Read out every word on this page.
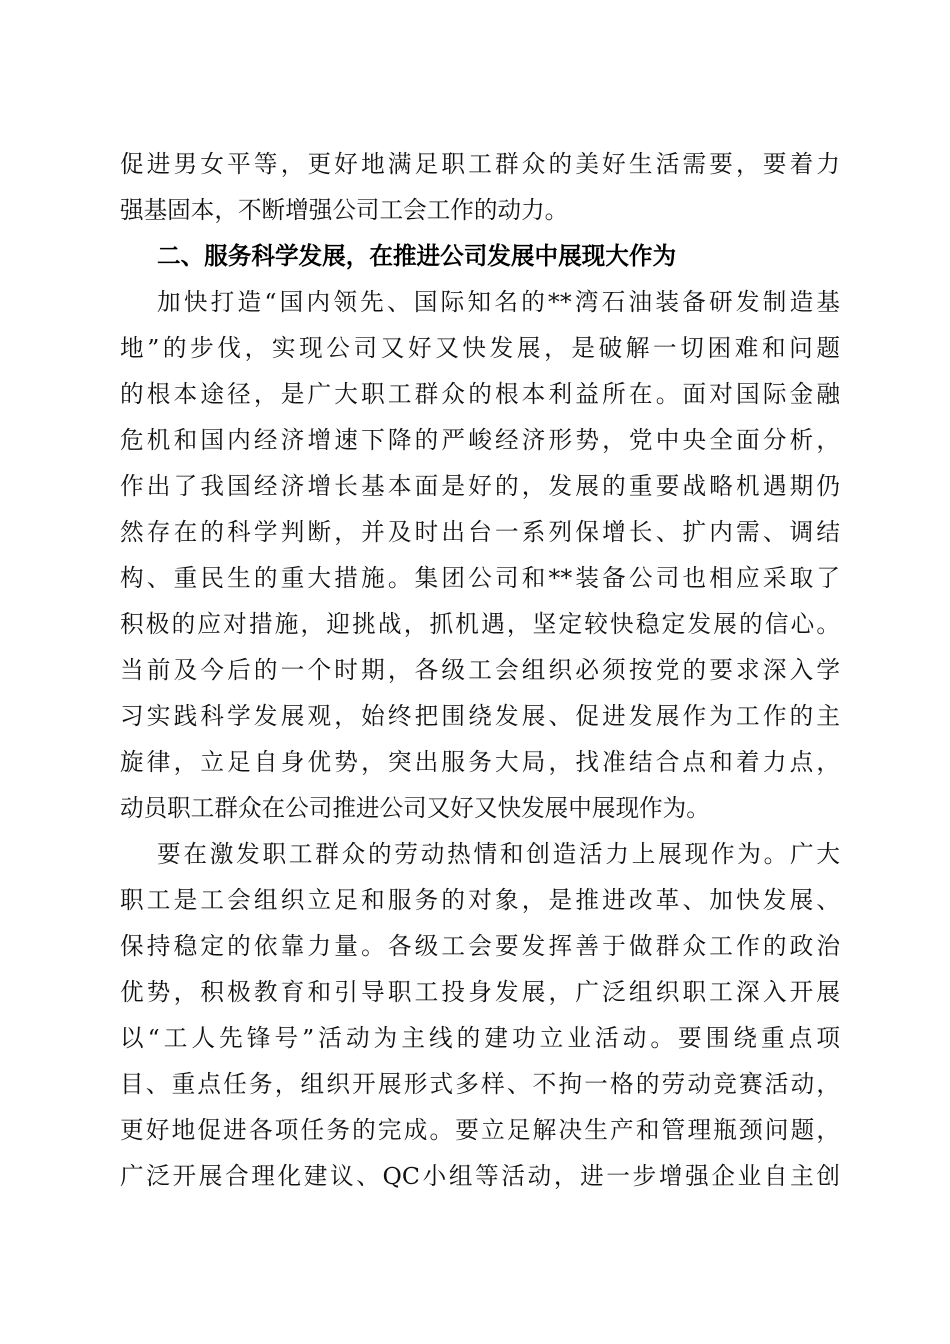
促进男女平等，更好地满足职工群众的美好生活需要，要着力
强基固本，不断增强公司工会工作的动力。
二、服务科学发展，在推进公司发展中展现大作为
加快打造“国内领先、国际知名的**湾石油装备研发制造基
地”的步伐，实现公司又好又快发展，是破解一切困难和问题
的根本途径，是广大职工群众的根本利益所在。面对国际金融
危机和国内经济增速下降的严峻经济形势，党中央全面分析，
作出了我国经济增长基本面是好的，发展的重要战略机遇期仍
然存在的科学判断，并及时出台一系列保增长、扩内需、调结
构、重民生的重大措施。集团公司和**装备公司也相应采取了
积极的应对措施，迎挑战，抓机遇，坚定较快稳定发展的信心。
当前及今后的一个时期，各级工会组织必须按党的要求深入学
习实践科学发展观，始终把围绕发展、促进发展作为工作的主
旋律，立足自身优势，突出服务大局，找准结合点和着力点，
动员职工群众在公司推进公司又好又快发展中展现作为。
要在激发职工群众的劳动热情和创造活力上展现作为。广大
职工是工会组织立足和服务的对象，是推进改革、加快发展、
保持稳定的依靠力量。各级工会要发挥善于做群众工作的政治
优势，积极教育和引导职工投身发展，广泛组织职工深入开展
以“工人先锋号”活动为主线的建功立业活动。要围绕重点项
目、重点任务，组织开展形式多样、不拘一格的劳动竞赛活动，
更好地促进各项任务的完成。要立足解决生产和管理瓶颈问题，
广泛开展合理化建议、QC小组等活动，进一步增强企业自主创
